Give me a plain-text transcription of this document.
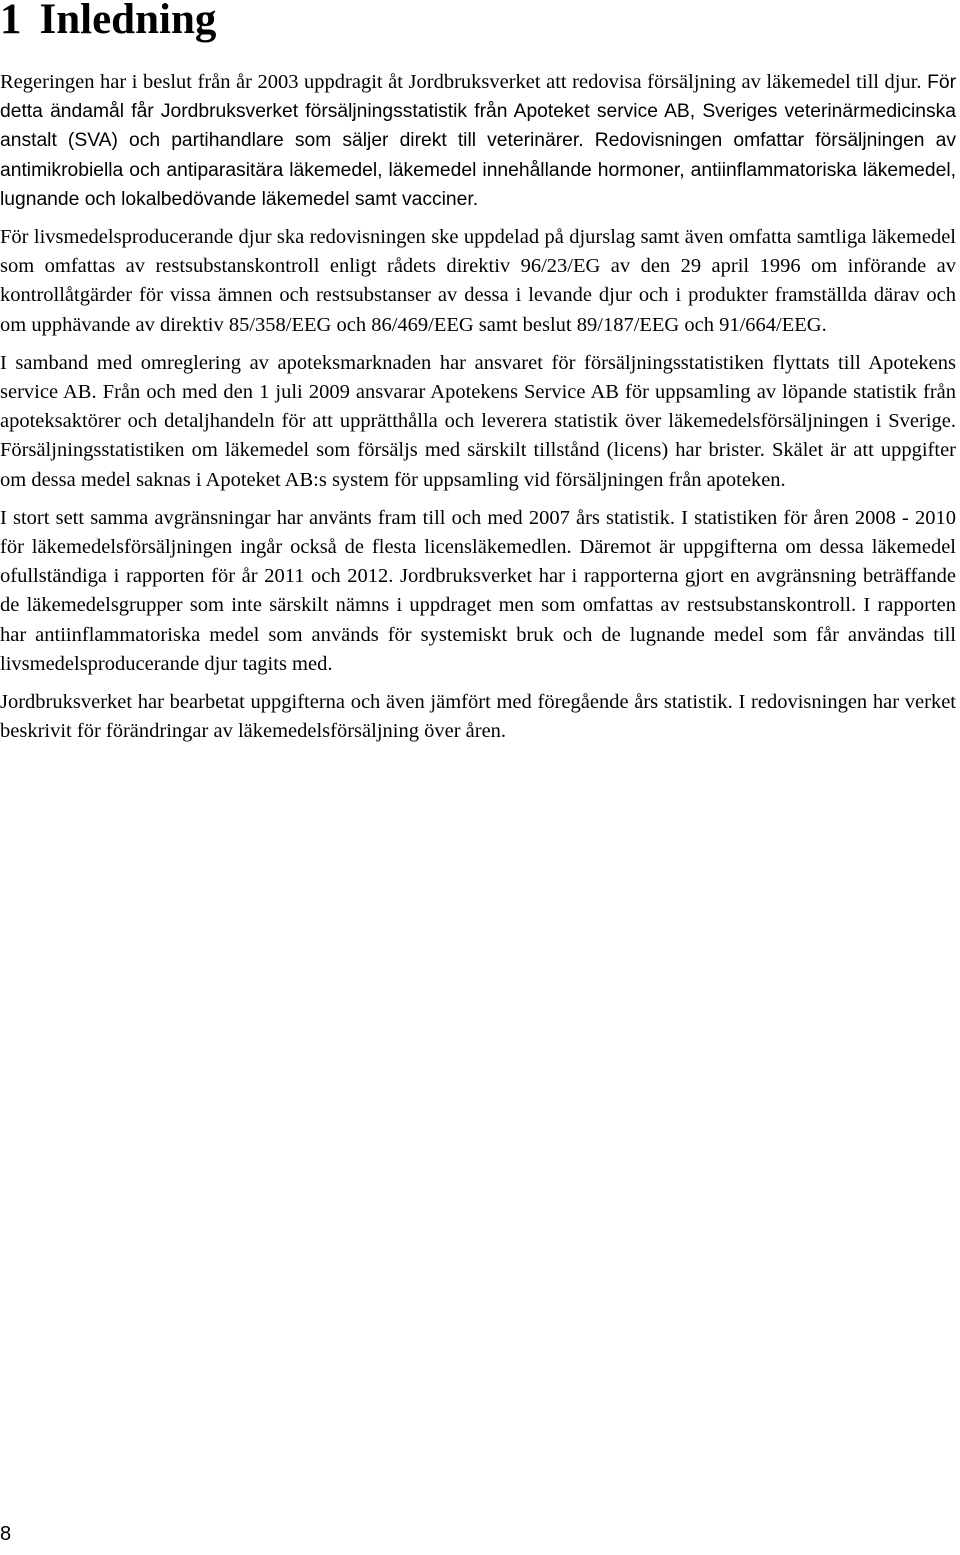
1 Inledning

Regeringen har i beslut från år 2003 uppdragit åt Jordbruksverket att redovisa försäljning av läkemedel till djur. För detta ändamål får Jordbruksverket försäljningsstatistik från Apoteket service AB, Sveriges veterinärmedicinska anstalt (SVA) och partihandlare som säljer direkt till veterinärer. Redovisningen omfattar försäljningen av antimikrobiella och antiparasitära läkemedel, läkemedel innehållande hormoner, antiinflammatoriska läkemedel, lugnande och lokalbedövande läkemedel samt vacciner.

För livsmedelsproducerande djur ska redovisningen ske uppdelad på djurslag samt även omfatta samtliga läkemedel som omfattas av restsubstanskontroll enligt rådets direktiv 96/23/EG av den 29 april 1996 om införande av kontrollåtgärder för vissa ämnen och restsubstanser av dessa i levande djur och i produkter framställda därav och om upphävande av direktiv 85/358/EEG och 86/469/EEG samt beslut 89/187/EEG och 91/664/EEG.

I samband med omreglering av apoteksmarknaden har ansvaret för försäljningsstatistiken flyttats till Apotekens service AB. Från och med den 1 juli 2009 ansvarar Apotekens Service AB för uppsamling av löpande statistik från apoteksaktörer och detaljhandeln för att upprätthålla och leverera statistik över läkemedelsförsäljningen i Sverige. Försäljningsstatistiken om läkemedel som försäljs med särskilt tillstånd (licens) har brister. Skälet är att uppgifter om dessa medel saknas i Apoteket AB:s system för uppsamling vid försäljningen från apoteken.

I stort sett samma avgränsningar har använts fram till och med 2007 års statistik. I statistiken för åren 2008 - 2010 för läkemedelsförsäljningen ingår också de flesta licensläkemedlen. Däremot är uppgifterna om dessa läkemedel ofullständiga i rapporten för år 2011 och 2012. Jordbruksverket har i rapporterna gjort en avgränsning beträffande de läkemedelsgrupper som inte särskilt nämns i uppdraget men som omfattas av restsubstanskontroll. I rapporten har antiinflammatoriska medel som används för systemiskt bruk och de lugnande medel som får användas till livsmedelsproducerande djur tagits med.

Jordbruksverket har bearbetat uppgifterna och även jämfört med föregående års statistik. I redovisningen har verket beskrivit för förändringar av läkemedelsförsäljning över åren.

8
